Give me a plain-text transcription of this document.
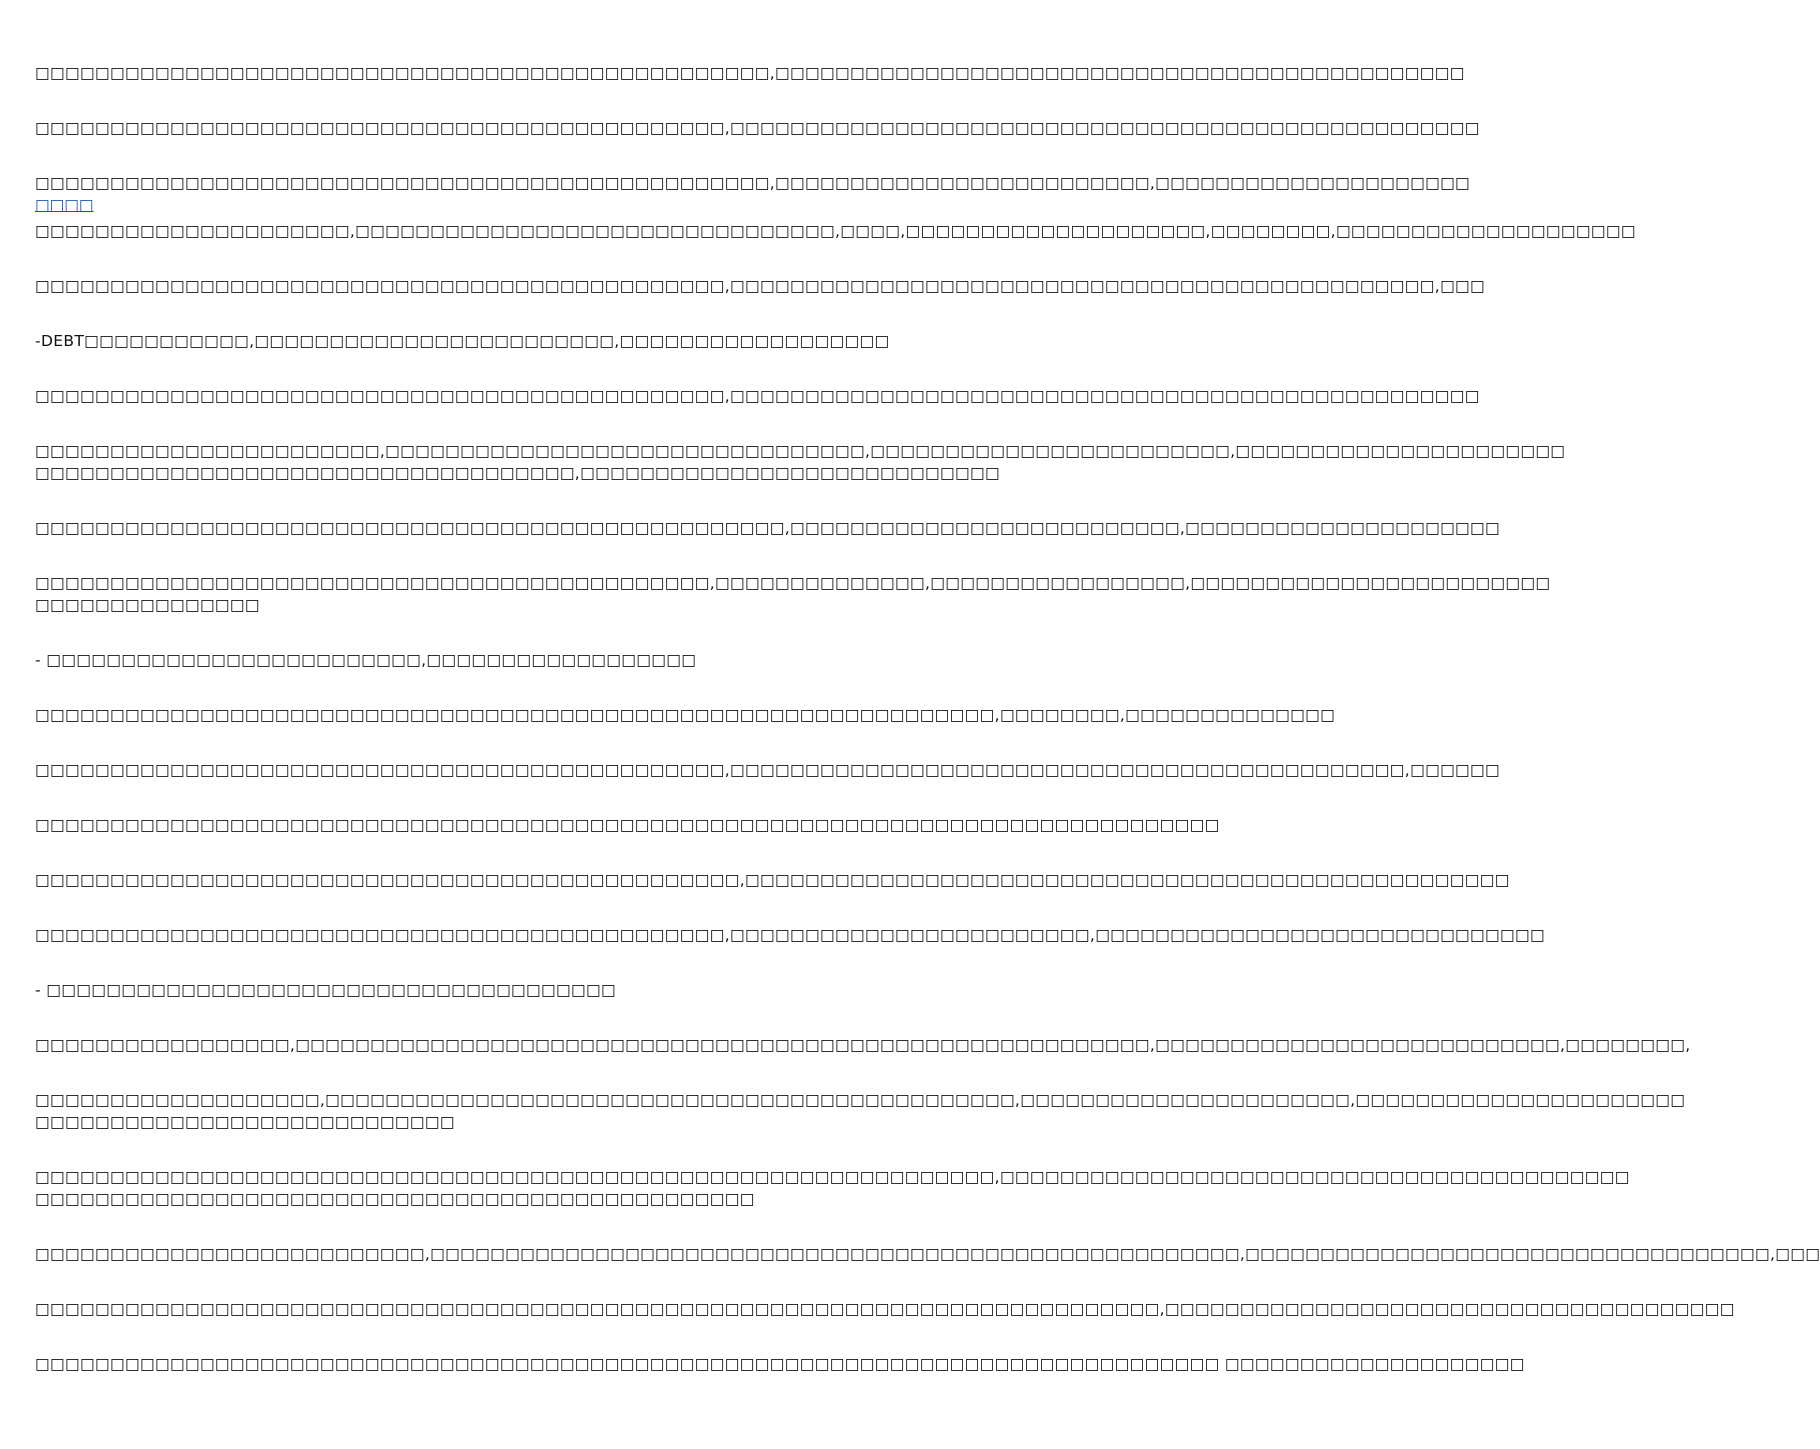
□□□□□□□□□□□□□□□□□□□□□□□□□□□□□□□□□□□□□□□□□□□□□□□□□,□□□□□□□□□□□□□□□□□□□□□□□□□□□□□□□□□□□□□□□□□□□□□□
□□□□□□□□□□□□□□□□□□□□□□□□□□□□□□□□□□□□□□□□□□□□□□,□□□□□□□□□□□□□□□□□□□□□□□□□□□□□□□□□□□□□□□□□□□□□□□□□□
□□□□□□□□□□□□□□□□□□□□□□□□□□□□□□□□□□□□□□□□□□□□□□□□□,□□□□□□□□□□□□□□□□□□□□□□□□□,□□□□□□□□□□□□□□□□□□□□□
□□□□
□□□□□□□□□□□□□□□□□□□□□,□□□□□□□□□□□□□□□□□□□□□□□□□□□□□□□□,□□□□,□□□□□□□□□□□□□□□□□□□□,□□□□□□□□,□□□□□□□□□□□□□□□□□□□□
□□□□□□□□□□□□□□□□□□□□□□□□□□□□□□□□□□□□□□□□□□□□□□,□□□□□□□□□□□□□□□□□□□□□□□□□□□□□□□□□□□□□□□□□□□□□□□,□□□
-DEBT□□□□□□□□□□□,□□□□□□□□□□□□□□□□□□□□□□□□,□□□□□□□□□□□□□□□□□□
□□□□□□□□□□□□□□□□□□□□□□□□□□□□□□□□□□□□□□□□□□□□□□,□□□□□□□□□□□□□□□□□□□□□□□□□□□□□□□□□□□□□□□□□□□□□□□□□□
□□□□□□□□□□□□□□□□□□□□□□□,□□□□□□□□□□□□□□□□□□□□□□□□□□□□□□□□,□□□□□□□□□□□□□□□□□□□□□□□□,□□□□□□□□□□□□□□□□□□□□□□
□□□□□□□□□□□□□□□□□□□□□□□□□□□□□□□□□□□□,□□□□□□□□□□□□□□□□□□□□□□□□□□□□
□□□□□□□□□□□□□□□□□□□□□□□□□□□□□□□□□□□□□□□□□□□□□□□□□□,□□□□□□□□□□□□□□□□□□□□□□□□□□,□□□□□□□□□□□□□□□□□□□□□
□□□□□□□□□□□□□□□□□□□□□□□□□□□□□□□□□□□□□□□□□□□□□,□□□□□□□□□□□□□□,□□□□□□□□□□□□□□□□□,□□□□□□□□□□□□□□□□□□□□□□□□
□□□□□□□□□□□□□□□
- □□□□□□□□□□□□□□□□□□□□□□□□□,□□□□□□□□□□□□□□□□□□
□□□□□□□□□□□□□□□□□□□□□□□□□□□□□□□□□□□□□□□□□□□□□□□□□□□□□□□□□□□□□□□□,□□□□□□□□,□□□□□□□□□□□□□□
□□□□□□□□□□□□□□□□□□□□□□□□□□□□□□□□□□□□□□□□□□□□□□,□□□□□□□□□□□□□□□□□□□□□□□□□□□□□□□□□□□□□□□□□□□□□,□□□□□□
□□□□□□□□□□□□□□□□□□□□□□□□□□□□□□□□□□□□□□□□□□□□□□□□□□□□□□□□□□□□□□□□□□□□□□□□□□□□□□□
□□□□□□□□□□□□□□□□□□□□□□□□□□□□□□□□□□□□□□□□□□□□□□□,□□□□□□□□□□□□□□□□□□□□□□□□□□□□□□□□□□□□□□□□□□□□□□□□□□□
□□□□□□□□□□□□□□□□□□□□□□□□□□□□□□□□□□□□□□□□□□□□□□,□□□□□□□□□□□□□□□□□□□□□□□□,□□□□□□□□□□□□□□□□□□□□□□□□□□□□□□
- □□□□□□□□□□□□□□□□□□□□□□□□□□□□□□□□□□□□□□
□□□□□□□□□□□□□□□□□,□□□□□□□□□□□□□□□□□□□□□□□□□□□□□□□□□□□□□□□□□□□□□□□□□□□□□□□□□,□□□□□□□□□□□□□□□□□□□□□□□□□□□,□□□□□□□□,
□□□□□□□□□□□□□□□□□□□,□□□□□□□□□□□□□□□□□□□□□□□□□□□□□□□□□□□□□□□□□□□□□□,□□□□□□□□□□□□□□□□□□□□□□,□□□□□□□□□□□□□□□□□□□□□□
□□□□□□□□□□□□□□□□□□□□□□□□□□□□
□□□□□□□□□□□□□□□□□□□□□□□□□□□□□□□□□□□□□□□□□□□□□□□□□□□□□□□□□□□□□□□□,□□□□□□□□□□□□□□□□□□□□□□□□□□□□□□□□□□□□□□□□□□
□□□□□□□□□□□□□□□□□□□□□□□□□□□□□□□□□□□□□□□□□□□□□□□□
□□□□□□□□□□□□□□□□□□□□□□□□□□,□□□□□□□□□□□□□□□□□□□□□□□□□□□□□□□□□□□□□□□□□□□□□□□□□□□□□□,□□□□□□□□□□□□□□□□□□□□□□□□□□□□□□□□□□□,□□□
□□□□□□□□□□□□□□□□□□□□□□□□□□□□□□□□□□□□□□□□□□□□□□□□□□□□□□□□□□□□□□□□□□□□□□□□□□□,□□□□□□□□□□□□□□□□□□□□□□□□□□□□□□□□□□□□□□
□□□□□□□□□□□□□□□□□□□□□□□□□□□□□□□□□□□□□□□□□□□□□□□□□□□□□□□□□□□□□□□□□□□□□□□□□□□□□□□ □□□□□□□□□□□□□□□□□□□□
